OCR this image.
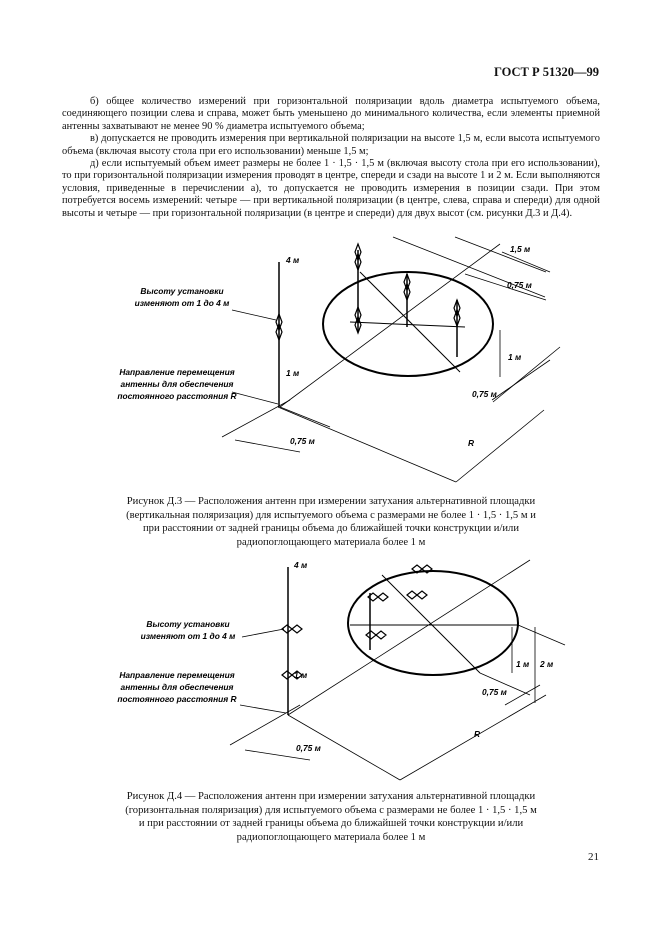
ГОСТ Р 51320—99

б) общее количество измерений при горизонтальной поляризации вдоль диаметра испытуемого объема, соединяющего позиции слева и справа, может быть уменьшено до минимального количества, если элементы приемной антенны захватывают не менее 90 % диаметра испытуемого объема;

в) допускается не проводить измерения при вертикальной поляризации на высоте 1,5 м, если высота испытуемого объема (включая высоту стола при его использовании) меньше 1,5 м;

д) если испытуемый объем имеет размеры не более 1 · 1,5 · 1,5 м (включая высоту стола при его использовании), то при горизонтальной поляризации измерения проводят в центре, спереди и сзади на высоте 1 и 2 м. Если выполняются условия, приведенные в перечислении а), то допускается не проводить измерения в позиции сзади. При этом потребуется восемь измерений: четыре — при вертикальной поляризации (в центре, слева, справа и спереди) для одной высоты и четыре — при горизонтальной поляризации (в центре и спереди) для двух высот (см. рисунки Д.3 и Д.4).

4 м
1 м
Высоту установки
изменяют от 1 до 4 м
Направление перемещения
антенны для обеспечения
постоянного расстояния R
1,5 м
0,75 м
1 м
0,75 м
0,75 м	R
Рисунок Д.3 — Расположения антенн при измерении затухания альтернативной площадки
(вертикальная поляризация) для испытуемого объема с размерами не более 1 · 1,5 · 1,5 м и
при расстоянии от задней границы объема до ближайшей точки конструкции и/или
радиопоглощающего материала более 1 м
4 м
1 м
Высоту установки
изменяют от 1 до 4 м
Направление перемещения
антенны для обеспечения
постоянного расстояния R
1 м 2 м
0,75 м
0,75 м
R
Рисунок Д.4 — Расположения антенн при измерении затухания альтернативной площадки
(горизонтальная поляризация) для испытуемого объема с размерами не более 1 · 1,5 · 1,5 м
и при расстоянии от задней границы объема до ближайшей точки конструкции и/или
радиопоглощающего материала более 1 м
21
